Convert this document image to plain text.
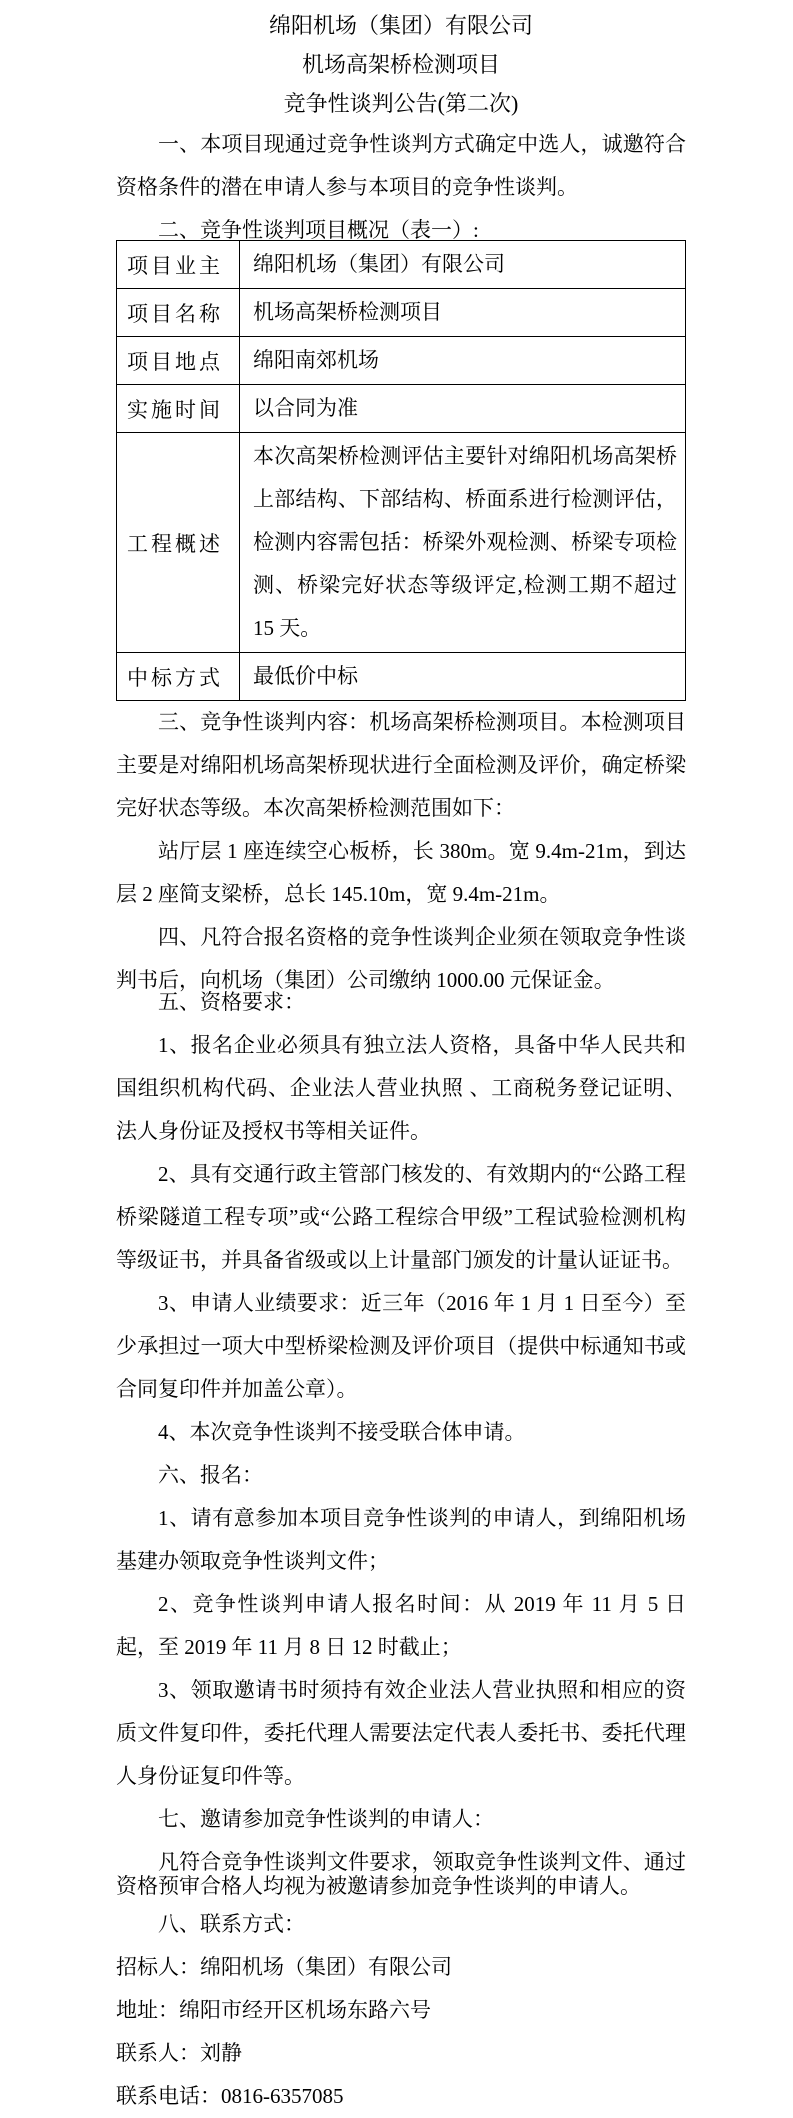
绵阳机场（集团）有限公司
机场高架桥检测项目
竞争性谈判公告(第二次)

一、本项目现通过竞争性谈判方式确定中选人，诚邀符合资格条件的潜在申请人参与本项目的竞争性谈判。

二、竞争性谈判项目概况（表一）:

项目业主	绵阳机场（集团）有限公司
项目名称	机场高架桥检测项目
项目地点	绵阳南郊机场
实施时间	以合同为准
工程概述	本次高架桥检测评估主要针对绵阳机场高架桥上部结构、下部结构、桥面系进行检测评估，检测内容需包括：桥梁外观检测、桥梁专项检测、桥梁完好状态等级评定,检测工期不超过 15 天。
中标方式	最低价中标

三、竞争性谈判内容：机场高架桥检测项目。本检测项目主要是对绵阳机场高架桥现状进行全面检测及评价，确定桥梁完好状态等级。本次高架桥检测范围如下：

站厅层 1 座连续空心板桥，长 380m。宽 9.4m-21m，到达层 2 座简支梁桥，总长 145.10m，宽 9.4m-21m。

四、凡符合报名资格的竞争性谈判企业须在领取竞争性谈判书后，向机场（集团）公司缴纳 1000.00 元保证金。

五、资格要求：

1、报名企业必须具有独立法人资格，具备中华人民共和国组织机构代码、企业法人营业执照 、工商税务登记证明、法人身份证及授权书等相关证件。

2、具有交通行政主管部门核发的、有效期内的“公路工程桥梁隧道工程专项”或“公路工程综合甲级”工程试验检测机构等级证书，并具备省级或以上计量部门颁发的计量认证证书。

3、申请人业绩要求：近三年（2016 年 1 月 1 日至今）至少承担过一项大中型桥梁检测及评价项目（提供中标通知书或合同复印件并加盖公章）。

4、本次竞争性谈判不接受联合体申请。

六、报名：

1、请有意参加本项目竞争性谈判的申请人，到绵阳机场基建办领取竞争性谈判文件；

2、竞争性谈判申请人报名时间：从 2019 年 11 月 5 日起，至 2019 年 11 月 8 日 12 时截止；

3、领取邀请书时须持有效企业法人营业执照和相应的资质文件复印件，委托代理人需要法定代表人委托书、委托代理人身份证复印件等。

七、邀请参加竞争性谈判的申请人：

凡符合竞争性谈判文件要求，领取竞争性谈判文件、通过资格预审合格人均视为被邀请参加竞争性谈判的申请人。

八、联系方式：

招标人：绵阳机场（集团）有限公司

地址：绵阳市经开区机场东路六号

联系人：刘静

联系电话：0816-6357085
